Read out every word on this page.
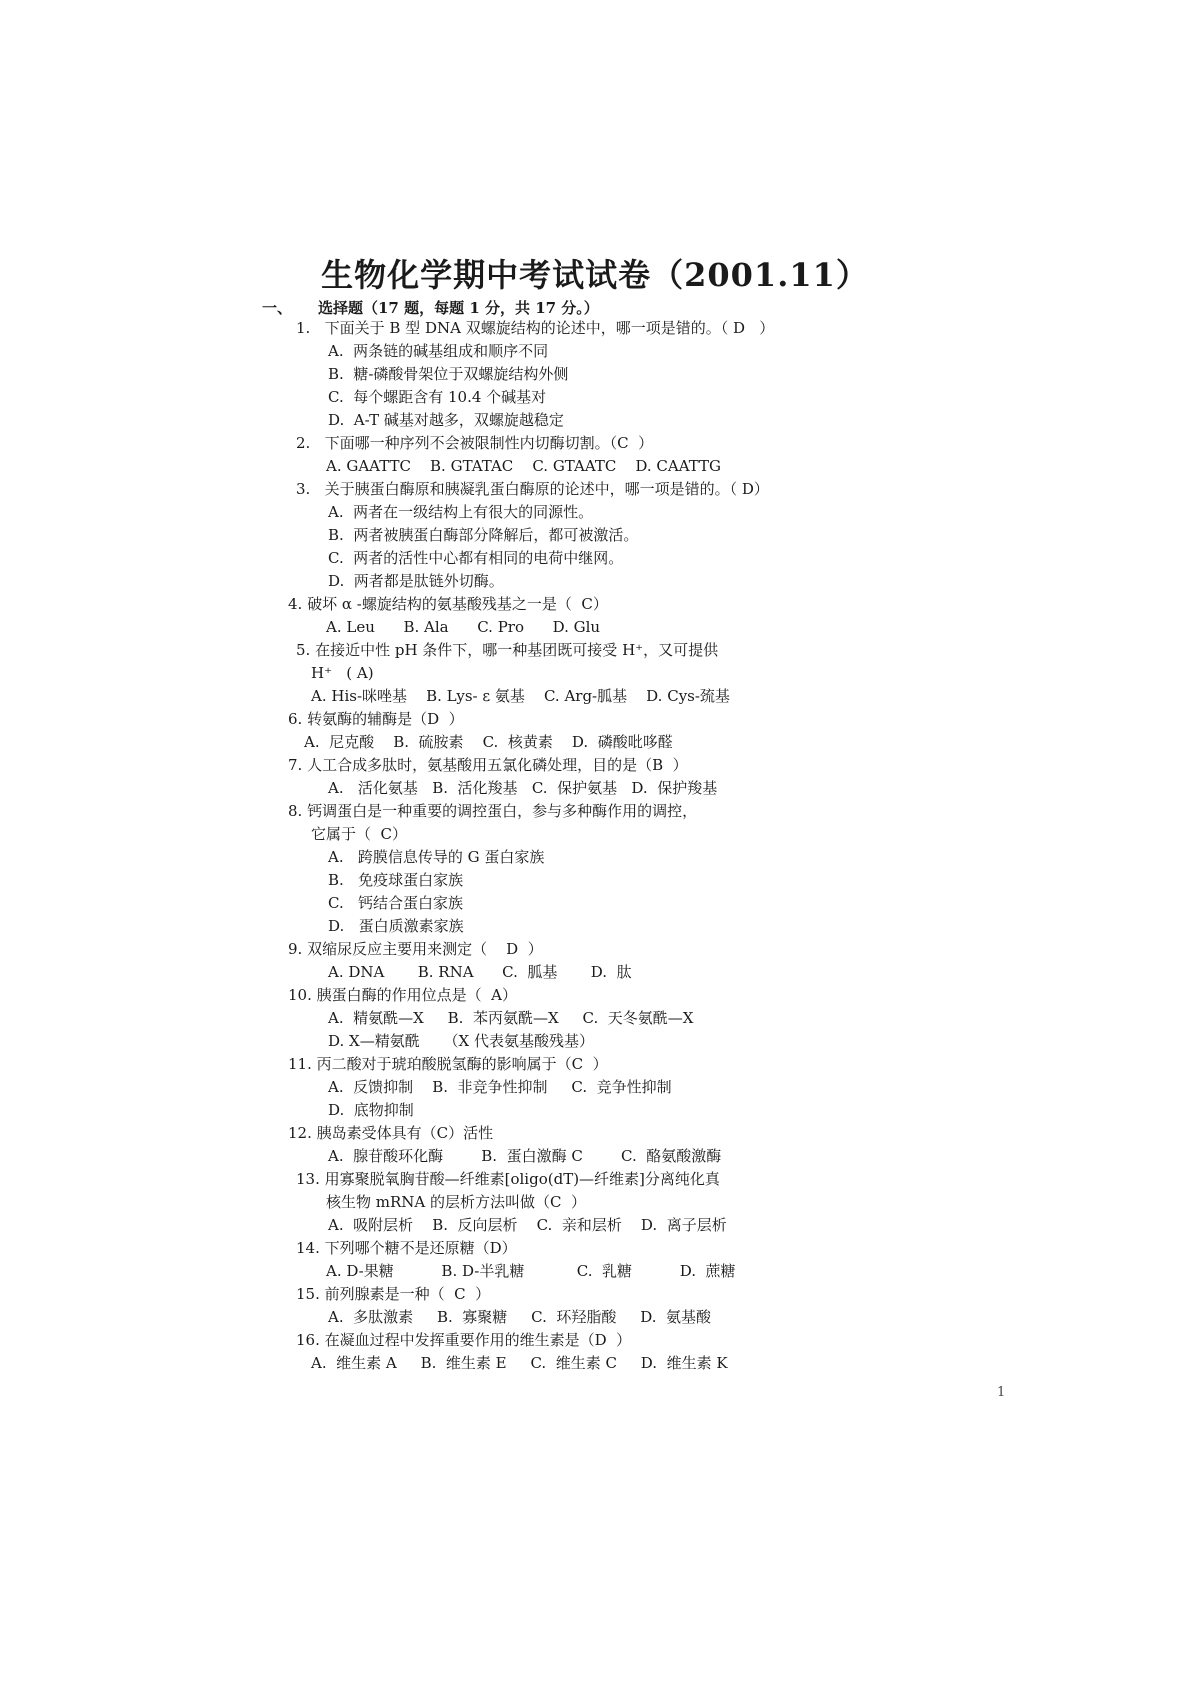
生物化学期中考试试卷（2001.11）
一、 选择题（17 题，每题 1 分，共 17 分。）
1.   下面关于 B 型 DNA 双螺旋结构的论述中，哪一项是错的。（ D   ）
A.  两条链的碱基组成和顺序不同
B.  糖-磷酸骨架位于双螺旋结构外侧
C.  每个螺距含有 10.4 个碱基对
D.  A-T 碱基对越多，双螺旋越稳定
2.   下面哪一种序列不会被限制性内切酶切割。（C  ）
A. GAATTC    B. GTATAC    C. GTAATC    D. CAATTG
3.   关于胰蛋白酶原和胰凝乳蛋白酶原的论述中，哪一项是错的。（ D）
A.  两者在一级结构上有很大的同源性。
B.  两者被胰蛋白酶部分降解后，都可被激活。
C.  两者的活性中心都有相同的电荷中继网。
D.  两者都是肽链外切酶。
4. 破坏 α -螺旋结构的氨基酸残基之一是（  C）
A. Leu      B. Ala      C. Pro      D. Glu
5. 在接近中性 pH 条件下，哪一种基团既可接受 H⁺，又可提供
H⁺   ( A)
A. His-咪唑基    B. Lys- ε 氨基    C. Arg-胍基    D. Cys-巯基
6. 转氨酶的辅酶是（D  ）
A.  尼克酸    B.  硫胺素    C.  核黄素    D.  磷酸吡哆醛
7. 人工合成多肽时，氨基酸用五氯化磷处理，目的是（B  ）
A.   活化氨基   B.  活化羧基   C.  保护氨基   D.  保护羧基
8. 钙调蛋白是一种重要的调控蛋白，参与多种酶作用的调控，
它属于（  C）
A.   跨膜信息传导的 G 蛋白家族
B.   免疫球蛋白家族
C.   钙结合蛋白家族
D.   蛋白质激素家族
9. 双缩尿反应主要用来测定（    D  ）
A. DNA       B. RNA      C.  胍基       D.  肽
10. 胰蛋白酶的作用位点是（  A）
A.  精氨酰—X     B.  苯丙氨酰—X     C.  天冬氨酰—X
D. X—精氨酰     （X 代表氨基酸残基）
11. 丙二酸对于琥珀酸脱氢酶的影响属于（C  ）
A.  反馈抑制    B.  非竞争性抑制     C.  竞争性抑制
D.  底物抑制
12. 胰岛素受体具有（C）活性
A.  腺苷酸环化酶        B.  蛋白激酶 C        C.  酪氨酸激酶
13. 用寡聚脱氧胸苷酸—纤维素[oligo(dT)—纤维素]分离纯化真
核生物 mRNA 的层析方法叫做（C  ）
A.  吸附层析    B.  反向层析    C.  亲和层析    D.  离子层析
14. 下列哪个糖不是还原糖（D）
A. D-果糖          B. D-半乳糖           C.  乳糖          D.  蔗糖
15. 前列腺素是一种（  C  ）
A.  多肽激素     B.  寡聚糖     C.  环羟脂酸     D.  氨基酸
16. 在凝血过程中发挥重要作用的维生素是（D  ）
A.  维生素 A     B.  维生素 E     C.  维生素 C     D.  维生素 K
1
